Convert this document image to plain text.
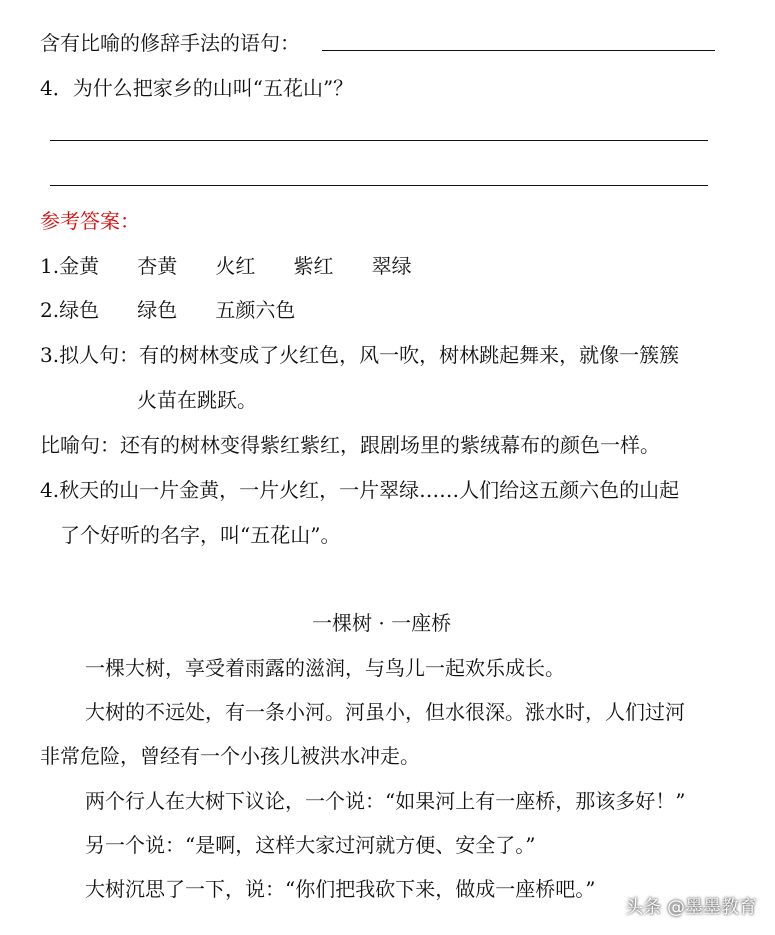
含有比喻的修辞手法的语句：
4．为什么把家乡的山叫“五花山”？
参考答案：
1.金黄      杏黄      火红      紫红      翠绿
2.绿色      绿色      五颜六色
3.拟人句：有的树林变成了火红色，风一吹，树林跳起舞来，就像一簇簇
火苗在跳跃。
比喻句：还有的树林变得紫红紫红，跟剧场里的紫绒幕布的颜色一样。
4.秋天的山一片金黄，一片火红，一片翠绿……人们给这五颜六色的山起
了个好听的名字，叫“五花山”。
一棵树 · 一座桥
一棵大树，享受着雨露的滋润，与鸟儿一起欢乐成长。
大树的不远处，有一条小河。河虽小，但水很深。涨水时，人们过河
非常危险，曾经有一个小孩儿被洪水冲走。
两个行人在大树下议论，一个说：“如果河上有一座桥，那该多好！”
另一个说：“是啊，这样大家过河就方便、安全了。”
大树沉思了一下，说：“你们把我砍下来，做成一座桥吧。”
头条 @墨墨教育
